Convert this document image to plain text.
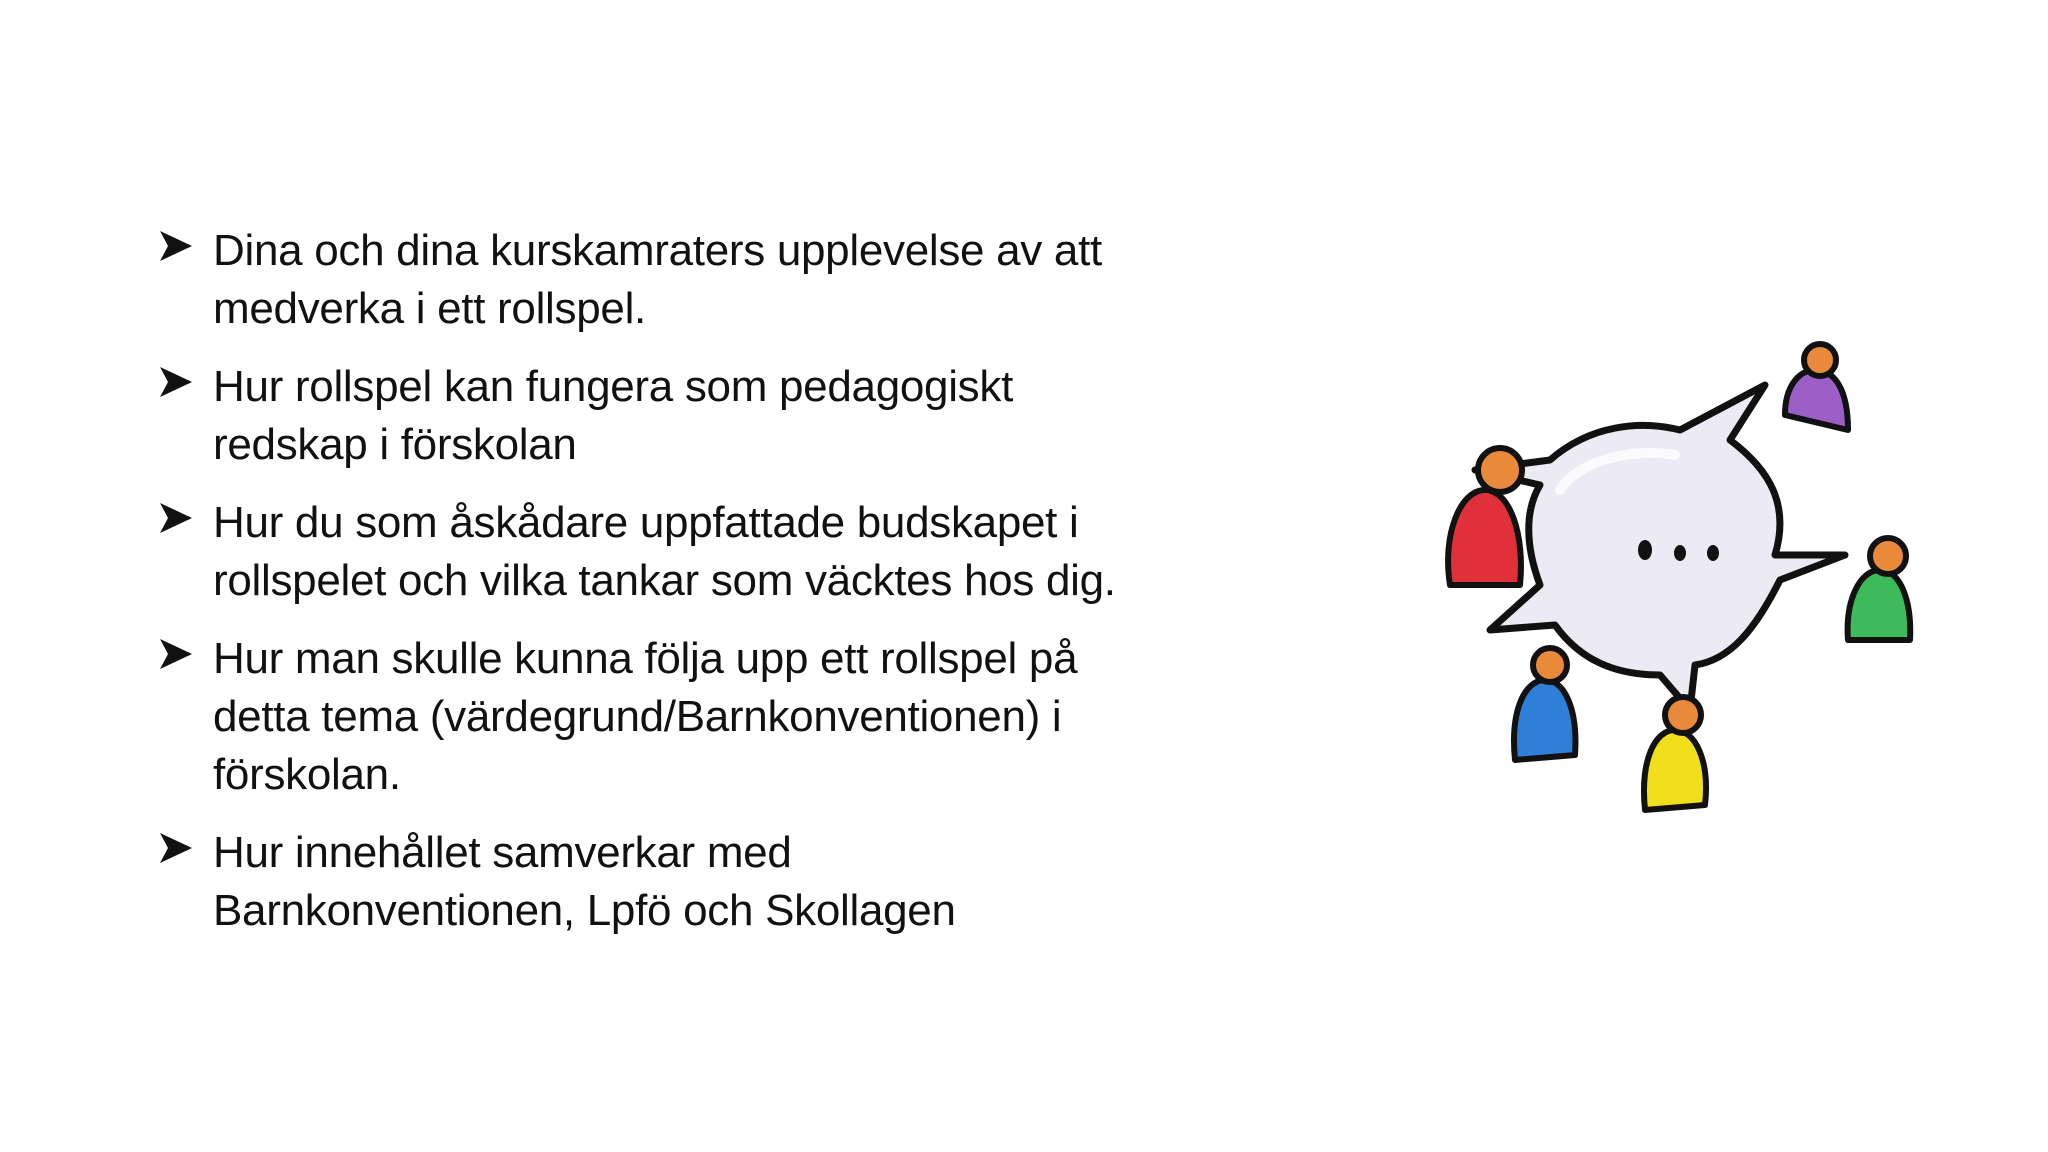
Dina och dina kurskamraters upplevelse av att
medverka i ett rollspel.
Hur rollspel kan fungera som pedagogiskt
redskap i förskolan
Hur du som åskådare uppfattade budskapet i
rollspelet och vilka tankar som väcktes hos dig.
Hur man skulle kunna följa upp ett rollspel på
detta tema (värdegrund/Barnkonventionen) i
förskolan.
Hur innehållet samverkar med
Barnkonventionen, Lpfö och Skollagen
